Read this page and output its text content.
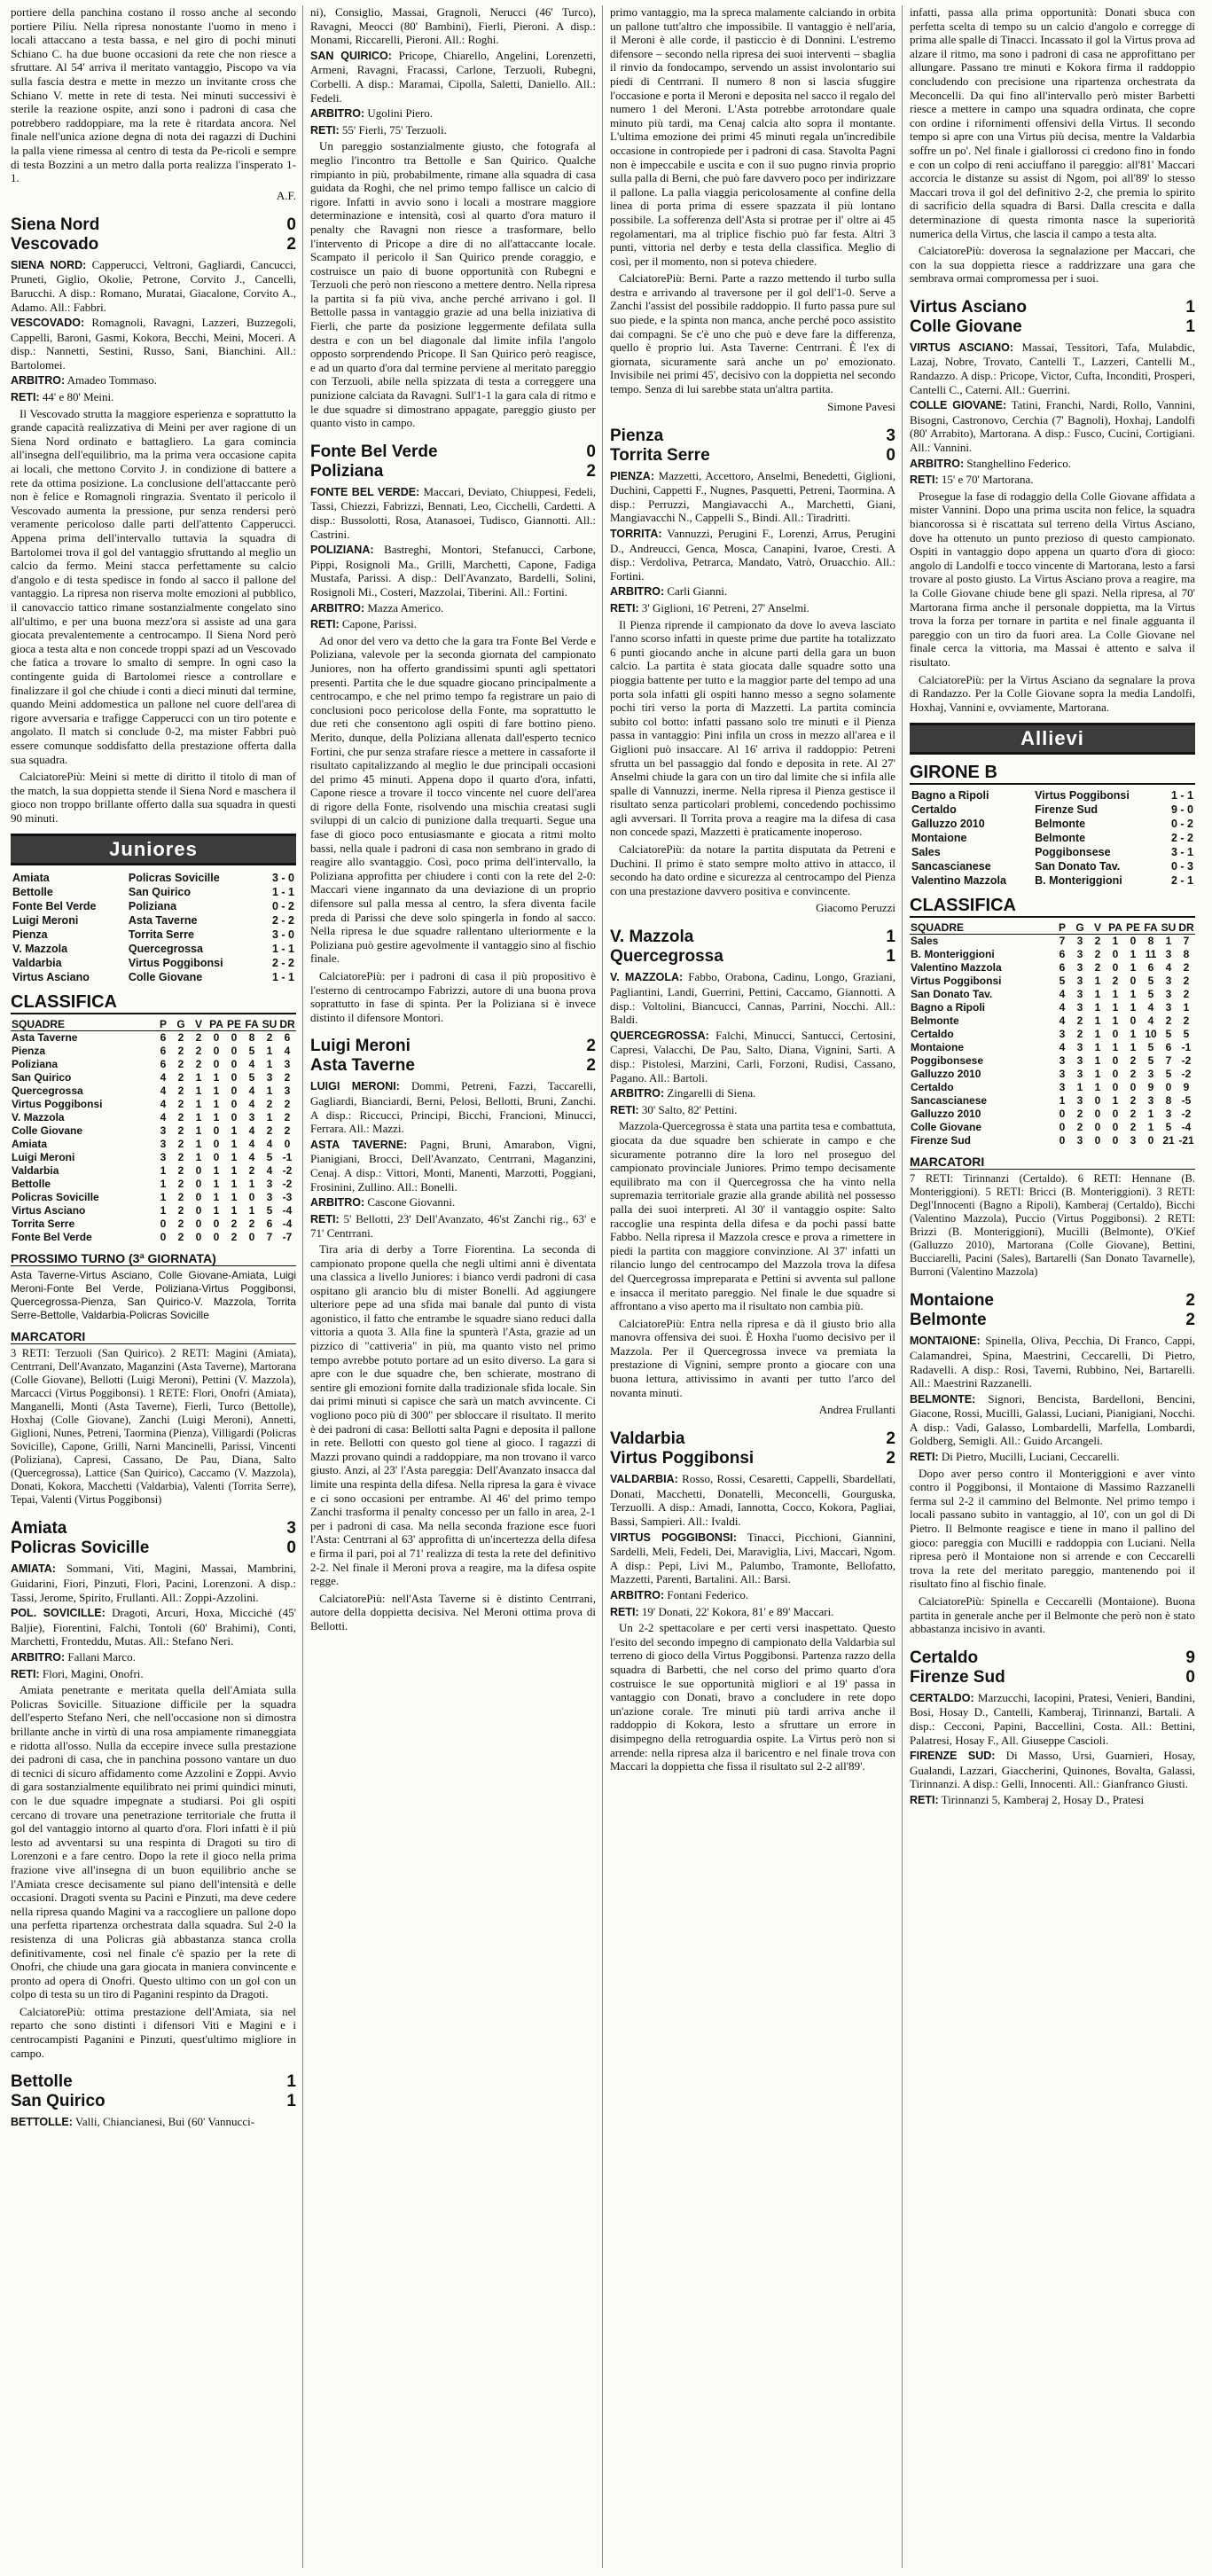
portiere della panchina costano il rosso anche al secondo portiere Piliu. Nella ripresa nonostante l'uomo in meno i locali attaccano a testa bassa, e nel giro di pochi minuti Schiano C. ha due buone occasioni da rete che non riesce a sfruttare. Al 54' arriva il meritato vantaggio, Piscopo va via sulla fascia destra e mette in mezzo un invitante cross che Schiano V. mette in rete di testa. Nei minuti successivi è sterile la reazione ospite, anzi sono i padroni di casa che potrebbero raddoppiare, ma la rete è ritardata ancora. Nel finale nell'unica azione degna di nota dei ragazzi di Duchini la palla viene rimessa al centro di testa da Pe-ricoli e sempre di testa Bozzini a un metro dalla porta realizza l'insperato 1-1.

A.F.
Siena Nord	0
Vescovado	2

SIENA NORD: Capperucci, Veltroni, Gagliardi, Cancucci, Pruneti, Giglio, Okolie, Petrone, Corvito J., Cancelli, Barucchi. A disp.: Romano, Muratai, Giacalone, Corvito A., Adamo. All.: Fabbri.

VESCOVADO: Romagnoli, Ravagni, Lazzeri, Buzzegoli, Cappelli, Baroni, Gasmi, Kokora, Becchi, Meini, Moceri. A disp.: Nannetti, Sestini, Russo, Sani, Bianchini. All.: Bartolomei.

ARBITRO: Amadeo Tommaso.

RETI: 44' e 80' Meini.

Il Vescovado strutta la maggiore esperienza e soprattutto la grande capacità realizzativa di Meini per aver ragione di un Siena Nord ordinato e battagliero. La gara comincia all'insegna dell'equilibrio, ma la prima vera occasione capita ai locali, che mettono Corvito J. in condizione di battere a rete da ottima posizione. La conclusione dell'attaccante però non è felice e Romagnoli ringrazia. Sventato il pericolo il Vescovado aumenta la pressione, pur senza rendersi però veramente pericoloso dalle parti dell'attento Capperucci. Appena prima dell'intervallo tuttavia la squadra di Bartolomei trova il gol del vantaggio sfruttando al meglio un calcio da fermo. Meini stacca perfettamente su calcio d'angolo e di testa spedisce in fondo al sacco il pallone del vantaggio. La ripresa non riserva molte emozioni al pubblico, il canovaccio tattico rimane sostanzialmente congelato sino all'ultimo, e per una buona mezz'ora si assiste ad una gara giocata prevalentemente a centrocampo. Il Siena Nord però gioca a testa alta e non concede troppi spazi ad un Vescovado che fatica a trovare lo smalto di sempre. In ogni caso la contingente guida di Bartolomei riesce a controllare e finalizzare il gol che chiude i conti a dieci minuti dal termine, quando Meini addomestica un pallone nel cuore dell'area di rigore avversaria e trafigge Capperucci con un tiro potente e angolato. Il match si conclude 0-2, ma mister Fabbri può essere comunque soddisfatto della prestazione offerta dalla sua squadra.

CalciatorePiù: Meini si mette di diritto il titolo di man of the match, la sua doppietta stende il Siena Nord e maschera il gioco non troppo brillante offerto dalla sua squadra in questi 90 minuti.

Juniores
Amiata	Policras Sovicille	3 - 0
Bettolle	San Quirico	1 - 1
Fonte Bel Verde	Poliziana	0 - 2
Luigi Meroni	Asta Taverne	2 - 2
Pienza	Torrita Serre	3 - 0
V. Mazzola	Quercegrossa	1 - 1
Valdarbia	Virtus Poggibonsi	2 - 2
Virtus Asciano	Colle Giovane	1 - 1
CLASSIFICA
SQUADRE	P	G	V	PA	PE	FA	SU	DR
Asta Taverne	6	2	2	0	0	8	2	6
Pienza	6	2	2	0	0	5	1	4
Poliziana	6	2	2	0	0	4	1	3
San Quirico	4	2	1	1	0	5	3	2
Quercegrossa	4	2	1	1	0	4	1	3
Virtus Poggibonsi	4	2	1	1	0	4	2	2
V. Mazzola	4	2	1	1	0	3	1	2
Colle Giovane	3	2	1	0	1	4	2	2
Amiata	3	2	1	0	1	4	4	0
Luigi Meroni	3	2	1	0	1	4	5	-1
Valdarbia	1	2	0	1	1	2	4	-2
Bettolle	1	2	0	1	1	1	3	-2
Policras Sovicille	1	2	0	1	1	0	3	-3
Virtus Asciano	1	2	0	1	1	1	5	-4
Torrita Serre	0	2	0	0	2	2	6	-4
Fonte Bel Verde	0	2	0	0	2	0	7	-7
PROSSIMO TURNO (3ª GIORNATA)

Asta Taverne-Virtus Asciano, Colle Giovane-Amiata, Luigi Meroni-Fonte Bel Verde, Poliziana-Virtus Poggibonsi, Quercegrossa-Pienza, San Quirico-V. Mazzola, Torrita Serre-Bettolle, Valdarbia-Policras Sovicille

MARCATORI

3 RETI: Terzuoli (San Quirico). 2 RETI: Magini (Amiata), Centrrani, Dell'Avanzato, Maganzini (Asta Taverne), Martorana (Colle Giovane), Bellotti (Luigi Meroni), Pettini (V. Mazzola), Marcacci (Virtus Poggibonsi). 1 RETE: Flori, Onofri (Amiata), Manganelli, Monti (Asta Taverne), Fierli, Turco (Bettolle), Hoxhaj (Colle Giovane), Zanchi (Luigi Meroni), Annetti, Giglioni, Nunes, Petreni, Taormina (Pienza), Villigardi (Policras Sovicille), Capone, Grilli, Narni Mancinelli, Parissi, Vincenti (Poliziana), Capresi, Cassano, De Pau, Diana, Salto (Quercegrossa), Lattice (San Quirico), Caccamo (V. Mazzola), Donati, Kokora, Macchetti (Valdarbia), Valenti (Torrita Serre), Tepai, Valenti (Virtus Poggibonsi)

Amiata	3
Policras Sovicille	0

AMIATA: Sommani, Viti, Magini, Massai, Mambrini, Guidarini, Fiori, Pinzuti, Flori, Pacini, Lorenzoni. A disp.: Tassi, Jerome, Spirito, Frullanti. All.: Zoppi-Azzolini.

POL. SOVICILLE: Dragoti, Arcuri, Hoxa, Micciché (45' Baljie), Fiorentini, Falchi, Tontoli (60' Brahimi), Conti, Marchetti, Fronteddu, Mutas. All.: Stefano Neri.

ARBITRO: Fallani Marco.

RETI: Flori, Magini, Onofri.

Amiata penetrante e meritata quella dell'Amiata sulla Policras Sovicille. Situazione difficile per la squadra dell'esperto Stefano Neri, che nell'occasione non si dimostra brillante anche in virtù di una rosa ampiamente rimaneggiata e ridotta all'osso. Nulla da eccepire invece sulla prestazione dei padroni di casa, che in panchina possono vantare un duo di tecnici di sicuro affidamento come Azzolini e Zoppi. Avvio di gara sostanzialmente equilibrato nei primi quindici minuti, con le due squadre impegnate a studiarsi. Poi gli ospiti cercano di trovare una penetrazione territoriale che frutta il gol del vantaggio intorno al quarto d'ora. Flori infatti è il più lesto ad avventarsi su una respinta di Dragoti su tiro di Lorenzoni e a fare centro. Dopo la rete il gioco nella prima frazione vive all'insegna di un buon equilibrio anche se l'Amiata cresce decisamente sul piano dell'intensità e delle occasioni. Dragoti sventa su Pacini e Pinzuti, ma deve cedere nella ripresa quando Magini va a raccogliere un pallone dopo una perfetta ripartenza orchestrata dalla squadra. Sul 2-0 la resistenza di una Policras già abbastanza stanca crolla definitivamente, così nel finale c'è spazio per la rete di Onofri, che chiude una gara giocata in maniera convincente e pronto ad opera di Onofri. Questo ultimo con un gol con un colpo di testa su un tiro di Paganini respinto da Dragoti.

CalciatorePiù: ottima prestazione dell'Amiata, sia nel reparto che sono distinti i difensori Viti e Magini e i centrocampisti Paganini e Pinzuti, quest'ultimo migliore in campo.

Bettolle	1
San Quirico	1

BETTOLLE: Valli, Chiancianesi, Bui (60' Vannucci-

ni), Consiglio, Massai, Gragnoli, Nerucci (46' Turco), Ravagni, Meocci (80' Bambini), Fierli, Pieroni. A disp.: Monami, Riccarelli, Pieroni. All.: Roghi.

SAN QUIRICO: Pricope, Chiarello, Angelini, Lorenzetti, Armeni, Ravagni, Fracassi, Carlone, Terzuoli, Rubegni, Corbelli. A disp.: Maramai, Cipolla, Saletti, Daniello. All.: Fedeli.

ARBITRO: Ugolini Piero.

RETI: 55' Fierli, 75' Terzuoli.

Un pareggio sostanzialmente giusto, che fotografa al meglio l'incontro tra Bettolle e San Quirico. Qualche rimpianto in più, probabilmente, rimane alla squadra di casa guidata da Roghi, che nel primo tempo fallisce un calcio di rigore. Infatti in avvio sono i locali a mostrare maggiore determinazione e intensità, così al quarto d'ora maturo il penalty che Ravagni non riesce a trasformare, bello l'intervento di Pricope a dire di no all'attaccante locale. Scampato il pericolo il San Quirico prende coraggio, e costruisce un paio di buone opportunità con Rubegni e Terzuoli che però non riescono a mettere dentro. Nella ripresa la partita si fa più viva, anche perché arrivano i gol. Il Bettolle passa in vantaggio grazie ad una bella iniziativa di Fierli, che parte da posizione leggermente defilata sulla destra e con un bel diagonale dal limite infila l'angolo opposto sorprendendo Pricope. Il San Quirico però reagisce, e ad un quarto d'ora dal termine perviene al meritato pareggio con Terzuoli, abile nella spizzata di testa a correggere una punizione calciata da Ravagni. Sull'1-1 la gara cala di ritmo e le due squadre si dimostrano appagate, pareggio giusto per quanto visto in campo.

Fonte Bel Verde	0
Poliziana	2

FONTE BEL VERDE: Maccari, Deviato, Chiuppesi, Fedeli, Tassi, Chiezzi, Fabrizzi, Bennati, Leo, Cicchelli, Cardetti. A disp.: Bussolotti, Rosa, Atanasoei, Tudisco, Giannotti. All.: Castrini.

POLIZIANA: Bastreghi, Montori, Stefanucci, Carbone, Pippi, Rosignoli Ma., Grilli, Marchetti, Capone, Fadiga Mustafa, Parissi. A disp.: Dell'Avanzato, Bardelli, Solini, Rosignoli Mi., Costeri, Mazzolai, Tiberini. All.: Fortini.

ARBITRO: Mazza Americo.

RETI: Capone, Parissi.

Ad onor del vero va detto che la gara tra Fonte Bel Verde e Poliziana, valevole per la seconda giornata del campionato Juniores, non ha offerto grandissimi spunti agli spettatori presenti. Partita che le due squadre giocano principalmente a centrocampo, e che nel primo tempo fa registrare un paio di conclusioni poco pericolose della Fonte, ma soprattutto le due reti che consentono agli ospiti di fare bottino pieno. Merito, dunque, della Poliziana allenata dall'esperto tecnico Fortini, che pur senza strafare riesce a mettere in cassaforte il risultato capitalizzando al meglio le due principali occasioni del primo 45 minuti. Appena dopo il quarto d'ora, infatti, Capone riesce a trovare il tocco vincente nel cuore dell'area di rigore della Fonte, risolvendo una mischia creatasi sugli sviluppi di un calcio di punizione dalla trequarti. Segue una fase di gioco poco entusiasmante e giocata a ritmi molto bassi, nella quale i padroni di casa non sembrano in grado di reagire allo svantaggio. Così, poco prima dell'intervallo, la Poliziana approfitta per chiudere i conti con la rete del 2-0: Maccari viene ingannato da una deviazione di un proprio difensore sul palla messa al centro, la sfera diventa facile preda di Parissi che deve solo spingerla in fondo al sacco. Nella ripresa le due squadre rallentano ulteriormente e la Poliziana può gestire agevolmente il vantaggio sino al fischio finale.

CalciatorePiù: per i padroni di casa il più propositivo è l'esterno di centrocampo Fabrizzi, autore di una buona prova soprattutto in fase di spinta. Per la Poliziana si è invece distinto il difensore Montori.

Luigi Meroni	2
Asta Taverne	2

LUIGI MERONI: Dommi, Petreni, Fazzi, Taccarelli, Gagliardi, Bianciardi, Berni, Pelosi, Bellotti, Bruni, Zanchi. A disp.: Riccucci, Principi, Bicchi, Francioni, Minucci, Ferrara. All.: Mazzi.

ASTA TAVERNE: Pagni, Bruni, Amarabon, Vigni, Pianigiani, Brocci, Dell'Avanzato, Centrrani, Maganzini, Cenaj. A disp.: Vittori, Monti, Manenti, Marzotti, Poggiani, Frosinini, Zullino. All.: Bonelli.

ARBITRO: Cascone Giovanni.

RETI: 5' Bellotti, 23' Dell'Avanzato, 46'st Zanchi rig., 63' e 71' Centrrani.

Tira aria di derby a Torre Fiorentina. La seconda di campionato propone quella che negli ultimi anni è diventata una classica a livello Juniores: i bianco verdi padroni di casa ospitano gli arancio blu di mister Bonelli. Ad aggiungere ulteriore pepe ad una sfida mai banale dal punto di vista agonistico, il fatto che entrambe le squadre siano reduci dalla vittoria a quota 3. Alla fine la spunterà l'Asta, grazie ad un pizzico di "cattiveria" in più, ma quanto visto nel primo tempo avrebbe potuto portare ad un esito diverso. La gara si apre con le due squadre che, ben schierate, mostrano di sentire gli emozioni fornite dalla tradizionale sfida locale. Sin dai primi minuti si capisce che sarà un match avvincente. Ci vogliono poco più di 300" per sbloccare il risultato. Il merito è dei padroni di casa: Bellotti salta Pagni e deposita il pallone in rete. Bellotti con questo gol tiene al gioco. I ragazzi di Mazzi provano quindi a raddoppiare, ma non trovano il varco giusto. Anzi, al 23' l'Asta pareggia: Dell'Avanzato insacca dal limite una respinta della difesa. Nella ripresa la gara è vivace e ci sono occasioni per entrambe. Al 46' del primo tempo Zanchi trasforma il penalty concesso per un fallo in area, 2-1 per i padroni di casa. Ma nella seconda frazione esce fuori l'Asta: Centrrani al 63' approfitta di un'incertezza della difesa e firma il pari, poi al 71' realizza di testa la rete del definitivo 2-2. Nel finale il Meroni prova a reagire, ma la difesa ospite regge.

CalciatorePiù: nell'Asta Taverne si è distinto Centrrani, autore della doppietta decisiva. Nel Meroni ottima prova di Bellotti.

primo vantaggio, ma la spreca malamente calciando in orbita un pallone tutt'altro che impossibile. Il vantaggio è nell'aria, il Meroni è alle corde, il pasticcio è di Donnini. L'estremo difensore – secondo nella ripresa dei suoi interventi – sbaglia il rinvio da fondocampo, servendo un assist involontario sui piedi di Centrrani. Il numero 8 non si lascia sfuggire l'occasione e porta il Meroni e deposita nel sacco il regalo del numero 1 del Meroni. L'Asta potrebbe arrotondare quale minuto più tardi, ma Cenaj calcia alto sopra il montante. L'ultima emozione dei primi 45 minuti regala un'incredibile occasione in contropiede per i padroni di casa. Stavolta Pagni non è impeccabile e uscita e con il suo pugno rinvia proprio sulla palla di Berni, che può fare davvero poco per indirizzare il pallone. La palla viaggia pericolosamente al confine della linea di porta prima di essere spazzata il più lontano possibile. La sofferenza dell'Asta si protrae per il' oltre ai 45 regolamentari, ma al triplice fischio può far festa. Altri 3 punti, vittoria nel derby e testa della classifica. Meglio di così, per il momento, non si poteva chiedere.

CalciatorePiù: Berni. Parte a razzo mettendo il turbo sulla destra e arrivando al traversone per il gol dell'1-0. Serve a Zanchi l'assist del possibile raddoppio. Il furto passa pure sul suo piede, e la spinta non manca, anche perché poco assistito dai compagni. Se c'è uno che può e deve fare la differenza, quello è proprio lui. Asta Taverne: Centrrani. È l'ex di giornata, sicuramente sarà anche un po' emozionato. Invisibile nei primi 45', decisivo con la doppietta nel secondo tempo. Senza di lui sarebbe stata un'altra partita.

Simone Pavesi
Pienza	3
Torrita Serre	0

PIENZA: Mazzetti, Accettoro, Anselmi, Benedetti, Giglioni, Duchini, Cappetti F., Nugnes, Pasquetti, Petreni, Taormina. A disp.: Perruzzi, Mangiavacchi A., Marchetti, Giani, Mangiavacchi N., Cappelli S., Bindi. All.: Tiradritti.

TORRITA: Vannuzzi, Perugini F., Lorenzi, Arrus, Perugini D., Andreucci, Genca, Mosca, Canapini, Ivaroe, Cresti. A disp.: Verdoliva, Petrarca, Mandato, Vatrò, Oruacchio. All.: Fortini.

ARBITRO: Carli Gianni.

RETI: 3' Giglioni, 16' Petreni, 27' Anselmi.

Il Pienza riprende il campionato da dove lo aveva lasciato l'anno scorso infatti in queste prime due partite ha totalizzato 6 punti giocando anche in alcune parti della gara un buon calcio. La partita è stata giocata dalle squadre sotto una pioggia battente per tutto e la maggior parte del tempo ad una porta sola infatti gli ospiti hanno messo a segno solamente pochi tiri verso la porta di Mazzetti. La partita comincia subito col botto: infatti passano solo tre minuti e il Pienza passa in vantaggio: Pini infila un cross in mezzo all'area e il Giglioni può insaccare. Al 16' arriva il raddoppio: Petreni sfrutta un bel passaggio dal fondo e deposita in rete. Al 27' Anselmi chiude la gara con un tiro dal limite che si infila alle spalle di Vannuzzi, inerme. Nella ripresa il Pienza gestisce il risultato senza particolari problemi, concedendo pochissimo agli avversari. Il Torrita prova a reagire ma la difesa di casa non concede spazi, Mazzetti è praticamente inoperoso.

CalciatorePiù: da notare la partita disputata da Petreni e Duchini. Il primo è stato sempre molto attivo in attacco, il secondo ha dato ordine e sicurezza al centrocampo del Pienza con una prestazione davvero positiva e convincente.

Giacomo Peruzzi
V. Mazzola	1
Quercegrossa	1

V. MAZZOLA: Fabbo, Orabona, Cadinu, Longo, Graziani, Pagliantini, Landi, Guerrini, Pettini, Caccamo, Giannotti. A disp.: Voltolini, Biancucci, Cannas, Parrini, Nocchi. All.: Baldi.

QUERCEGROSSA: Falchi, Minucci, Santucci, Certosini, Capresi, Valacchi, De Pau, Salto, Diana, Vignini, Sarti. A disp.: Pistolesi, Marzini, Carli, Forzoni, Rudisi, Cassano, Pagano. All.: Bartoli.

ARBITRO: Zingarelli di Siena.

RETI: 30' Salto, 82' Pettini.

Mazzola-Quercegrossa è stata una partita tesa e combattuta, giocata da due squadre ben schierate in campo e che sicuramente potranno dire la loro nel proseguo del campionato provinciale Juniores. Primo tempo decisamente equilibrato ma con il Quercegrossa che ha vinto nella supremazia territoriale grazie alla grande abilità nel possesso palla dei suoi interpreti. Al 30' il vantaggio ospite: Salto raccoglie una respinta della difesa e da pochi passi batte Fabbo. Nella ripresa il Mazzola cresce e prova a rimettere in piedi la partita con maggiore convinzione. Al 37' infatti un rilancio lungo del centrocampo del Mazzola trova la difesa del Quercegrossa impreparata e Pettini si avventa sul pallone e insacca il meritato pareggio. Nel finale le due squadre si affrontano a viso aperto ma il risultato non cambia più.

CalciatorePiù: Entra nella ripresa e dà il giusto brio alla manovra offensiva dei suoi. È Hoxha l'uomo decisivo per il Mazzola. Per il Quercegrossa invece va premiata la prestazione di Vignini, sempre pronto a giocare con una buona lettura, attivissimo in avanti per tutto l'arco del novanta minuti.

Andrea Frullanti
Valdarbia	2
Virtus Poggibonsi	2

VALDARBIA: Rosso, Rossi, Cesaretti, Cappelli, Sbardellati, Donati, Macchetti, Donatelli, Meconcelli, Gourguska, Terzuolli. A disp.: Amadi, Iannotta, Cocco, Kokora, Pagliai, Bassi, Sampieri. All.: Ivaldi.

VIRTUS POGGIBONSI: Tinacci, Picchioni, Giannini, Sardelli, Meli, Fedeli, Dei, Maraviglia, Livi, Maccari, Ngom. A disp.: Pepi, Livi M., Palumbo, Tramonte, Bellofatto, Mazzetti, Parenti, Bartalini. All.: Barsi.

ARBITRO: Fontani Federico.

RETI: 19' Donati, 22' Kokora, 81' e 89' Maccari.

Un 2-2 spettacolare e per certi versi inaspettato. Questo l'esito del secondo impegno di campionato della Valdarbia sul terreno di gioco della Virtus Poggibonsi. Partenza razzo della squadra di Barbetti, che nel corso del primo quarto d'ora costruisce le sue opportunità migliori e al 19' passa in vantaggio con Donati, bravo a concludere in rete dopo un'azione corale. Tre minuti più tardi arriva anche il raddoppio di Kokora, lesto a sfruttare un errore in disimpegno della retroguardia ospite. La Virtus però non si arrende: nella ripresa alza il baricentro e nel finale trova con Maccari la doppietta che fissa il risultato sul 2-2 all'89'.

infatti, passa alla prima opportunità: Donati sbuca con perfetta scelta di tempo su un calcio d'angolo e corregge di prima alle spalle di Tinacci. Incassato il gol la Virtus prova ad alzare il ritmo, ma sono i padroni di casa ne approfittano per allungare. Passano tre minuti e Kokora firma il raddoppio concludendo con precisione una ripartenza orchestrata da Meconcelli. Da qui fino all'intervallo però mister Barbetti riesce a mettere in campo una squadra ordinata, che copre con ordine i rifornimenti offensivi della Virtus. Il secondo tempo si apre con una Virtus più decisa, mentre la Valdarbia soffre un po'. Nel finale i giallorossi ci credono fino in fondo e con un colpo di reni acciuffano il pareggio: all'81' Maccari accorcia le distanze su assist di Ngom, poi all'89' lo stesso Maccari trova il gol del definitivo 2-2, che premia lo spirito di sacrificio della squadra di Barsi. Dalla crescita e dalla determinazione di questa rimonta nasce la superiorità numerica della Virtus, che lascia il campo a testa alta.

CalciatorePiù: doverosa la segnalazione per Maccari, che con la sua doppietta riesce a raddrizzare una gara che sembrava ormai compromessa per i suoi.

Virtus Asciano	1
Colle Giovane	1

VIRTUS ASCIANO: Massai, Tessitori, Tafa, Mulabdic, Lazaj, Nobre, Trovato, Cantelli T., Lazzeri, Cantelli M., Randazzo. A disp.: Pricope, Victor, Cufta, Inconditi, Prosperi, Cantelli C., Caterni. All.: Guerrini.

COLLE GIOVANE: Tatini, Franchi, Nardi, Rollo, Vannini, Bisogni, Castronovo, Cerchia (7' Bagnoli), Hoxhaj, Landolfi (80' Arrabito), Martorana. A disp.: Fusco, Cucini, Cortigiani. All.: Vannini.

ARBITRO: Stanghellino Federico.

RETI: 15' e 70' Martorana.

Prosegue la fase di rodaggio della Colle Giovane affidata a mister Vannini. Dopo una prima uscita non felice, la squadra biancorossa si è riscattata sul terreno della Virtus Asciano, dove ha ottenuto un punto prezioso di questo campionato. Ospiti in vantaggio dopo appena un quarto d'ora di gioco: angolo di Landolfi e tocco vincente di Martorana, lesto a farsi trovare al posto giusto. La Virtus Asciano prova a reagire, ma la Colle Giovane chiude bene gli spazi. Nella ripresa, al 70' Martorana firma anche il personale doppietta, ma la Virtus trova la forza per tornare in partita e nel finale agguanta il pareggio con un tiro da fuori area. La Colle Giovane nel finale cerca la vittoria, ma Massai è attento e salva il risultato.

CalciatorePiù: per la Virtus Asciano da segnalare la prova di Randazzo. Per la Colle Giovane sopra la media Landolfi, Hoxhaj, Vannini e, ovviamente, Martorana.

Allievi
GIRONE B
Bagno a Ripoli	Virtus Poggibonsi	1 - 1
Certaldo	Firenze Sud	9 - 0
Galluzzo 2010	Belmonte	0 - 2
Montaione	Belmonte	2 - 2
Sales	Poggibonsese	3 - 1
Sancascianese	San Donato Tav.	0 - 3
Valentino Mazzola	B. Monteriggioni	2 - 1
CLASSIFICA
SQUADRE	P	G	V	PA	PE	FA	SU	DR
Sales	7	3	2	1	0	8	1	7
B. Monteriggioni	6	3	2	0	1	11	3	8
Valentino Mazzola	6	3	2	0	1	6	4	2
Virtus Poggibonsi	5	3	1	2	0	5	3	2
San Donato Tav.	4	3	1	1	1	5	3	2
Bagno a Ripoli	4	3	1	1	1	4	3	1
Belmonte	4	2	1	1	0	4	2	2
Certaldo	3	2	1	0	1	10	5	5
Montaione	4	3	1	1	1	5	6	-1
Poggibonsese	3	3	1	0	2	5	7	-2
Galluzzo 2010	3	3	1	0	2	3	5	-2
Certaldo	3	1	1	0	0	9	0	9
Sancascianese	1	3	0	1	2	3	8	-5
Galluzzo 2010	0	2	0	0	2	1	3	-2
Colle Giovane	0	2	0	0	2	1	5	-4
Firenze Sud	0	3	0	0	3	0	21	-21
MARCATORI

7 RETI: Tirinnanzi (Certaldo). 6 RETI: Hennane (B. Monteriggioni). 5 RETI: Bricci (B. Monteriggioni). 3 RETI: Degl'Innocenti (Bagno a Ripoli), Kamberaj (Certaldo), Bicchi (Valentino Mazzola), Puccio (Virtus Poggibonsi). 2 RETI: Brizzi (B. Monteriggioni), Mucilli (Belmonte), O'Kief (Galluzzo 2010), Martorana (Colle Giovane), Bettini, Bucciarelli, Pacini (Sales), Bartarelli (San Donato Tavarnelle), Burroni (Valentino Mazzola)

Montaione	2
Belmonte	2

MONTAIONE: Spinella, Oliva, Pecchia, Di Franco, Cappi, Calamandrei, Spina, Maestrini, Ceccarelli, Di Pietro, Radavelli. A disp.: Rosi, Taverni, Rubbino, Nei, Bartarelli. All.: Maestrini Razzanelli.

BELMONTE: Signori, Bencista, Bardelloni, Bencini, Giacone, Rossi, Mucilli, Galassi, Luciani, Pianigiani, Nocchi. A disp.: Vadi, Galasso, Lombardelli, Marfella, Lombardi, Goldberg, Semigli. All.: Guido Arcangeli.

RETI: Di Pietro, Mucilli, Luciani, Ceccarelli.

Dopo aver perso contro il Monteriggioni e aver vinto contro il Poggibonsi, il Montaione di Massimo Razzanelli ferma sul 2-2 il cammino del Belmonte. Nel primo tempo i locali passano subito in vantaggio, al 10', con un gol di Di Pietro. Il Belmonte reagisce e tiene in mano il pallino del gioco: pareggia con Mucilli e raddoppia con Luciani. Nella ripresa però il Montaione non si arrende e con Ceccarelli trova la rete del meritato pareggio, mantenendo poi il risultato fino al fischio finale.

CalciatorePiù: Spinella e Ceccarelli (Montaione). Buona partita in generale anche per il Belmonte che però non è stato abbastanza incisivo in avanti.

Certaldo	9
Firenze Sud	0

CERTALDO: Marzucchi, Iacopini, Pratesi, Venieri, Bandini, Bosi, Hosay D., Cantelli, Kamberaj, Tirinnanzi, Bartali. A disp.: Cecconi, Papini, Baccellini, Costa. All.: Bettini, Palatresi, Hosay F., All. Giuseppe Cascioli.

FIRENZE SUD: Di Masso, Ursi, Guarnieri, Hosay, Gualandi, Lazzari, Giaccherini, Quinones, Bovalta, Galassi, Tirinnanzi. A disp.: Gelli, Innocenti. All.: Gianfranco Giusti.

RETI: Tirinnanzi 5, Kamberaj 2, Hosay D., Pratesi
